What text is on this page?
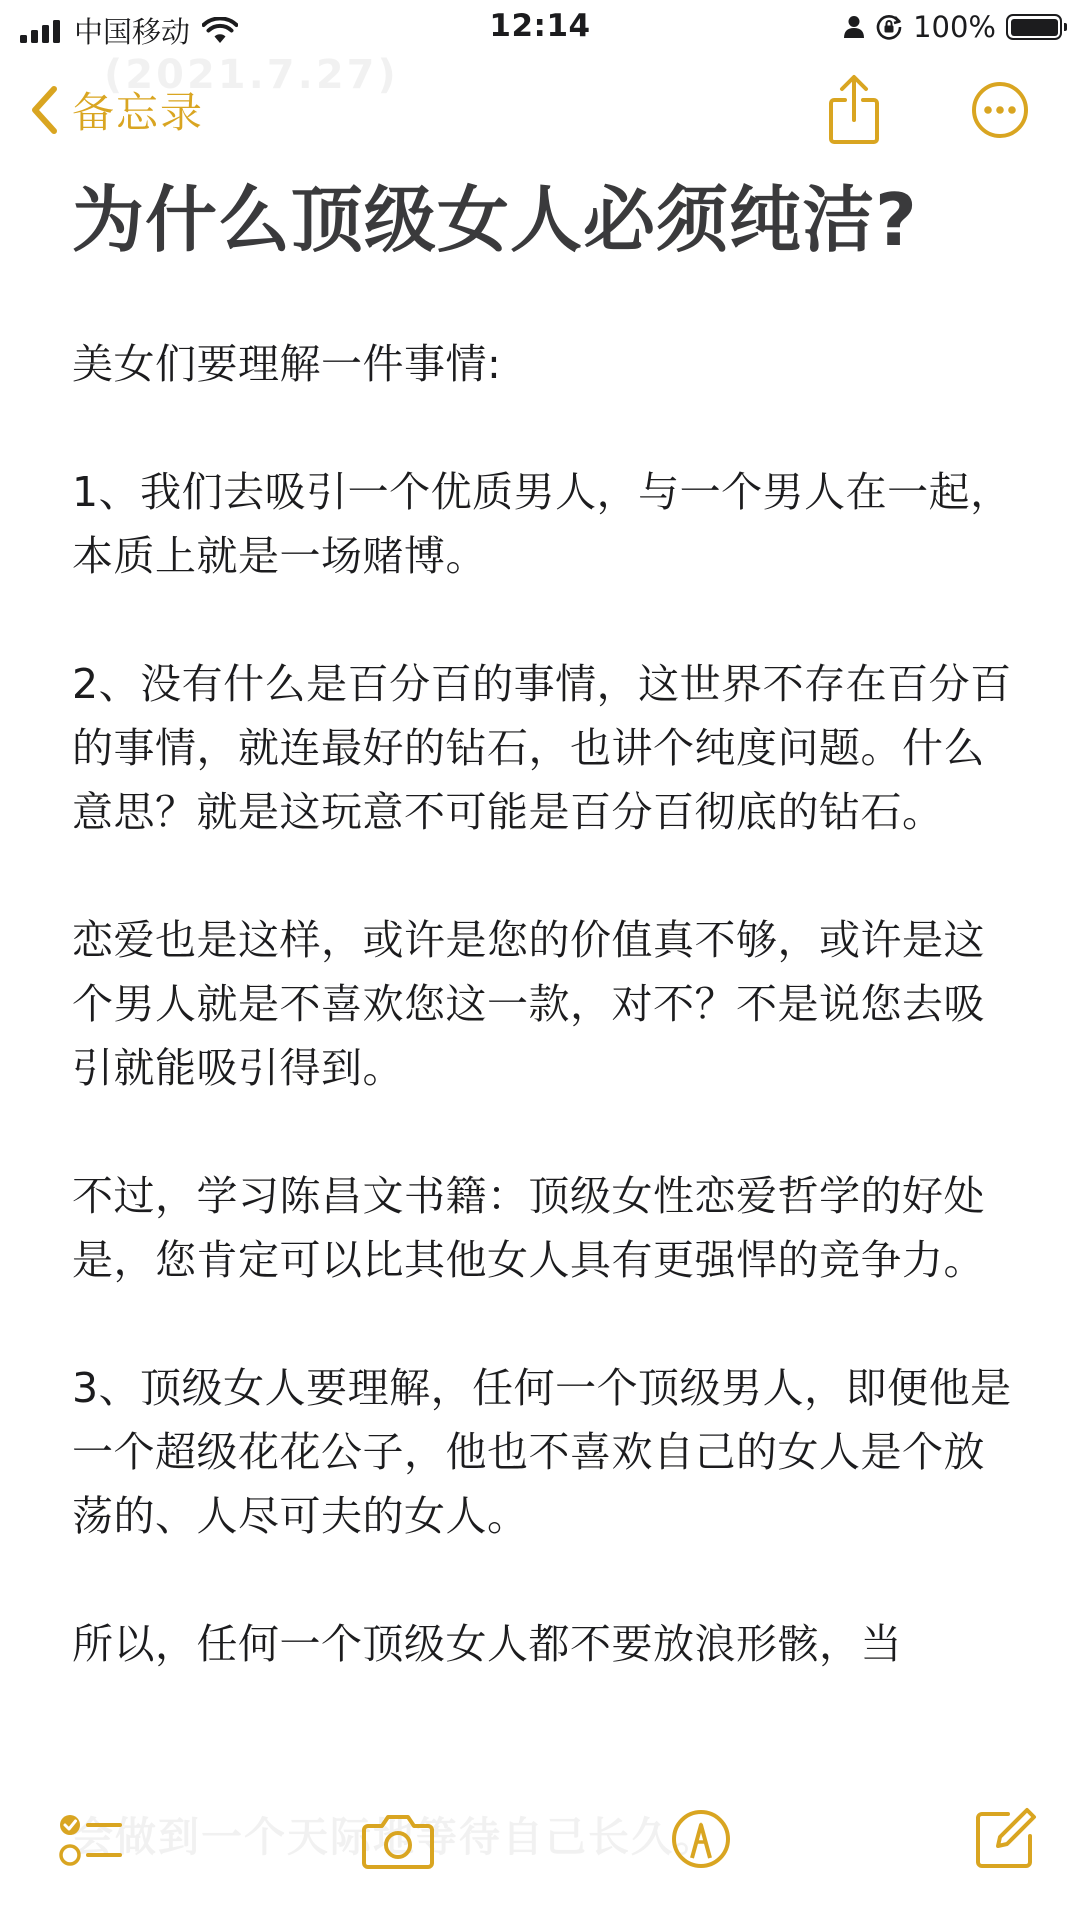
中国移动	12:14	100%
(2021.7.27)
备忘录
为什么顶级女人必须纯洁?

美女们要理解一件事情:

1、我们去吸引一个优质男人，与一个男人在一起，本质上就是一场赌博。

2、没有什么是百分百的事情，这世界不存在百分百的事情，就连最好的钻石，也讲个纯度问题。什么意思？就是这玩意不可能是百分百彻底的钻石。

恋爱也是这样，或许是您的价值真不够，或许是这个男人就是不喜欢您这一款，对不？不是说您去吸引就能吸引得到。

不过，学习陈昌文书籍：顶级女性恋爱哲学的好处是，您肯定可以比其他女人具有更强悍的竞争力。

3、顶级女人要理解，任何一个顶级男人，即便他是一个超级花花公子，他也不喜欢自己的女人是个放荡的、人尽可夫的女人。

所以，任何一个顶级女人都不要放浪形骸，当
